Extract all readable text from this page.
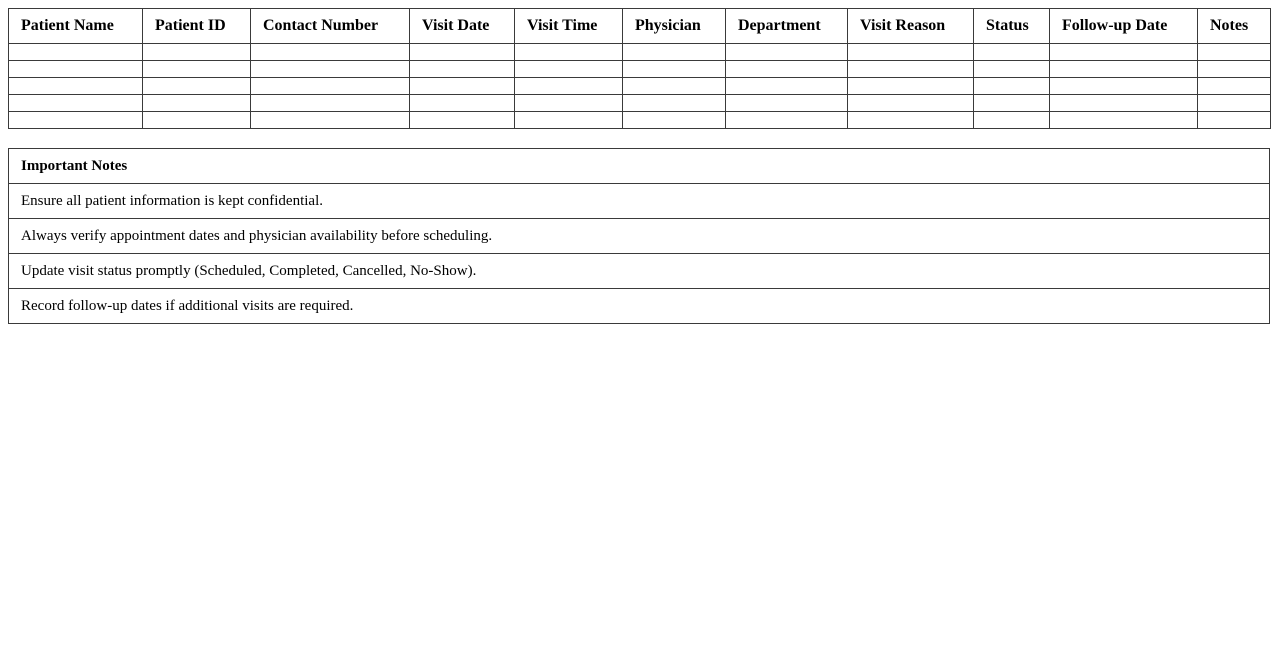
Patient Name	Patient ID	Contact Number	Visit Date	Visit Time	Physician	Department	Visit Reason	Status	Follow-up Date	Notes

Important Notes
Ensure all patient information is kept confidential.
Always verify appointment dates and physician availability before scheduling.
Update visit status promptly (Scheduled, Completed, Cancelled, No-Show).
Record follow-up dates if additional visits are required.
